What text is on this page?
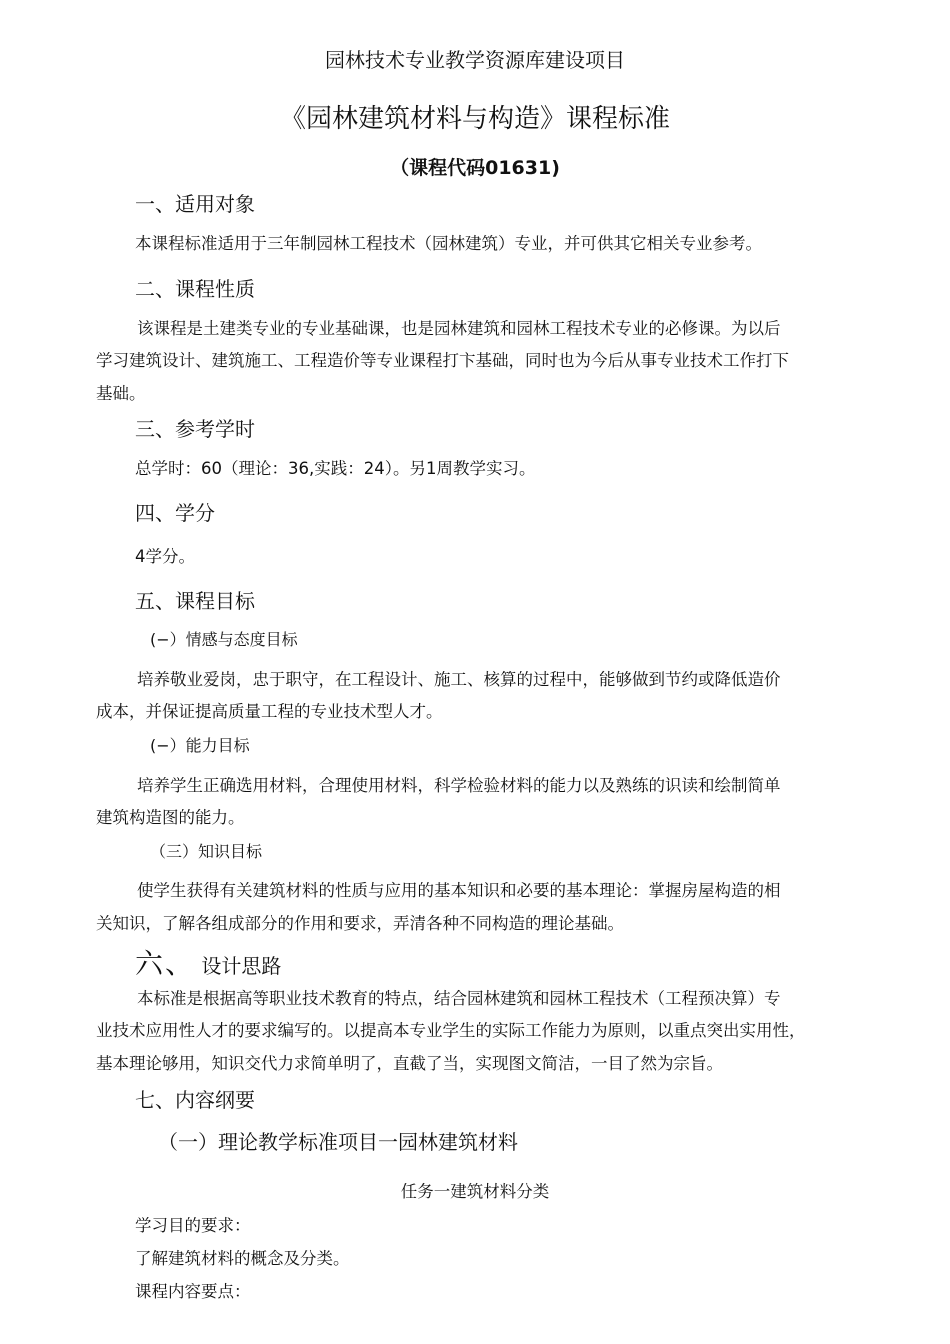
园林技术专业教学资源库建设项目
《园林建筑材料与构造》课程标准
（课程代码01631)
一、适用对象
本课程标准适用于三年制园林工程技术（园林建筑）专业，并可供其它相关专业参考。
二、课程性质
该课程是土建类专业的专业基础课，也是园林建筑和园林工程技术专业的必修课。为以后
学习建筑设计、建筑施工、工程造价等专业课程打卞基础，同时也为今后从事专业技术工作打下
基础。
三、参考学时
总学时：60（理论：36,实践：24）。另1周教学实习。
四、学分
4学分。
五、课程目标
(−）情感与态度目标
培养敬业爱岗，忠于职守，在工程设计、施工、核算的过程中，能够做到节约或降低造价
成本，并保证提高质量工程的专业技术型人才。
(−）能力目标
培养学生正确选用材料，合理使用材料，科学检验材料的能力以及熟练的识读和绘制简单
建筑构造图的能力。
（三）知识目标
使学生获得有关建筑材料的性质与应用的基本知识和必要的基本理论：掌握房屋构造的相
关知识，了解各组成部分的作用和要求，弄清各种不同构造的理论基础。
六、 设计思路
本标准是根据高等职业技术教育的特点，结合园林建筑和园林工程技术（工程预决算）专
业技术应用性人才的要求编写的。以提高本专业学生的实际工作能力为原则，以重点突出实用性，
基本理论够用，知识交代力求简单明了，直截了当，实现图文简洁，一目了然为宗旨。
七、内容纲要
（一）理论教学标准项目一园林建筑材料
任务一建筑材料分类
学习目的要求：
了解建筑材料的概念及分类。
课程内容要点：
